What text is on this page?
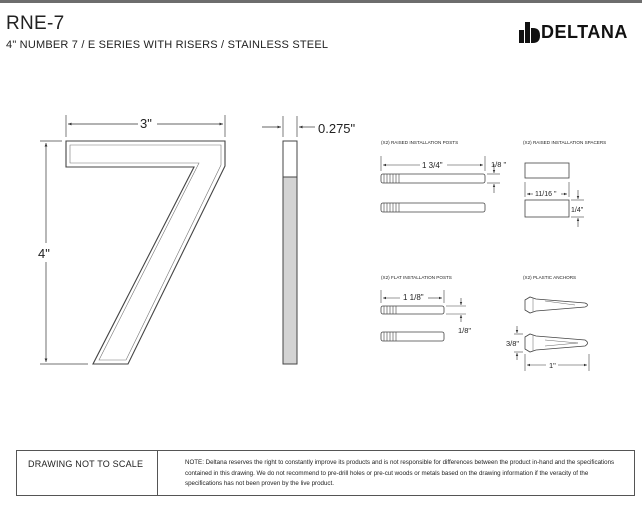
RNE-7
4" NUMBER 7 / E SERIES WITH RISERS / STAINLESS STEEL
DELTANA
3"
4"
0.275"
(X2) RAISED INSTALLATION POSTS
1 3/4"	1/8 "
(X2) RAISED INSTALLATION SPACERS
11/16 "
1/4"
(X2) FLAT INSTALLATION POSTS
1 1/8"
1/8"
(X2) PLASTIC ANCHORS
3/8"
1"
DRAWING NOT TO SCALE	NOTE: Deltana reserves the right to constantly improve its products and is not responsible for differences between the product in-hand and the specifications contained in this drawing. We do not recommend to pre-drill holes or pre-cut woods or metals based on the drawing information if the veracity of the specifications has not been proven by the live product.
